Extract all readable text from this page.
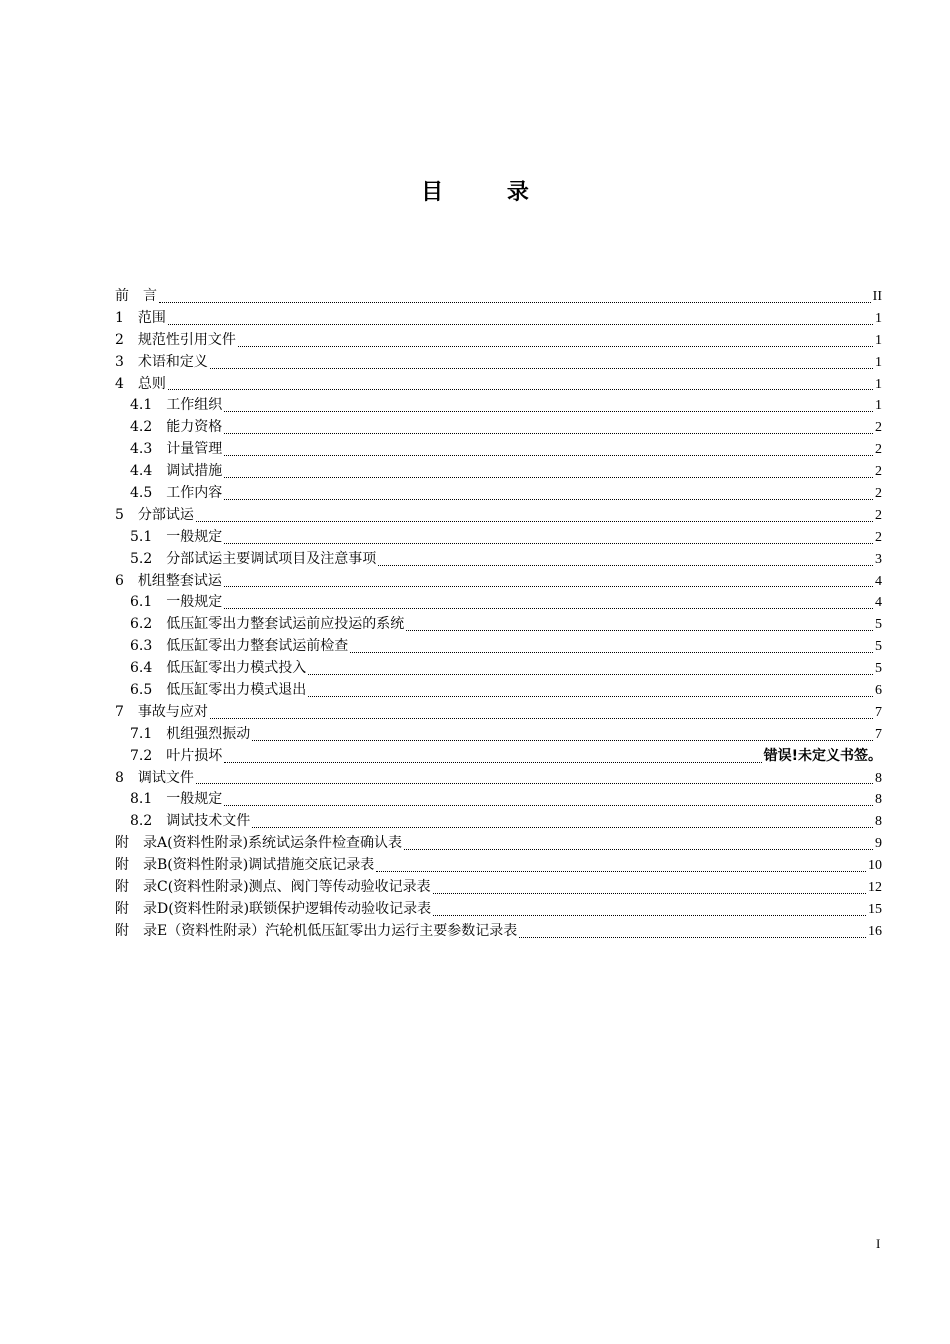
目 录
前　言	II
1　范围	1
2　规范性引用文件	1
3　术语和定义	1
4　总则	1
4.1　工作组织	1
4.2　能力资格	2
4.3　计量管理	2
4.4　调试措施	2
4.5　工作内容	2
5　分部试运	2
5.1　一般规定	2
5.2　分部试运主要调试项目及注意事项	3
6　机组整套试运	4
6.1　一般规定	4
6.2　低压缸零出力整套试运前应投运的系统	5
6.3　低压缸零出力整套试运前检查	5
6.4　低压缸零出力模式投入	5
6.5　低压缸零出力模式退出	6
7　事故与应对	7
7.1　机组强烈振动	7
7.2　叶片损坏	错误!未定义书签。
8　调试文件	8
8.1　一般规定	8
8.2　调试技术文件	8
附　录A(资料性附录)系统试运条件检查确认表	9
附　录B(资料性附录)调试措施交底记录表	10
附　录C(资料性附录)测点、阀门等传动验收记录表	12
附　录D(资料性附录)联锁保护逻辑传动验收记录表	15
附　录E（资料性附录）汽轮机低压缸零出力运行主要参数记录表	16
I
